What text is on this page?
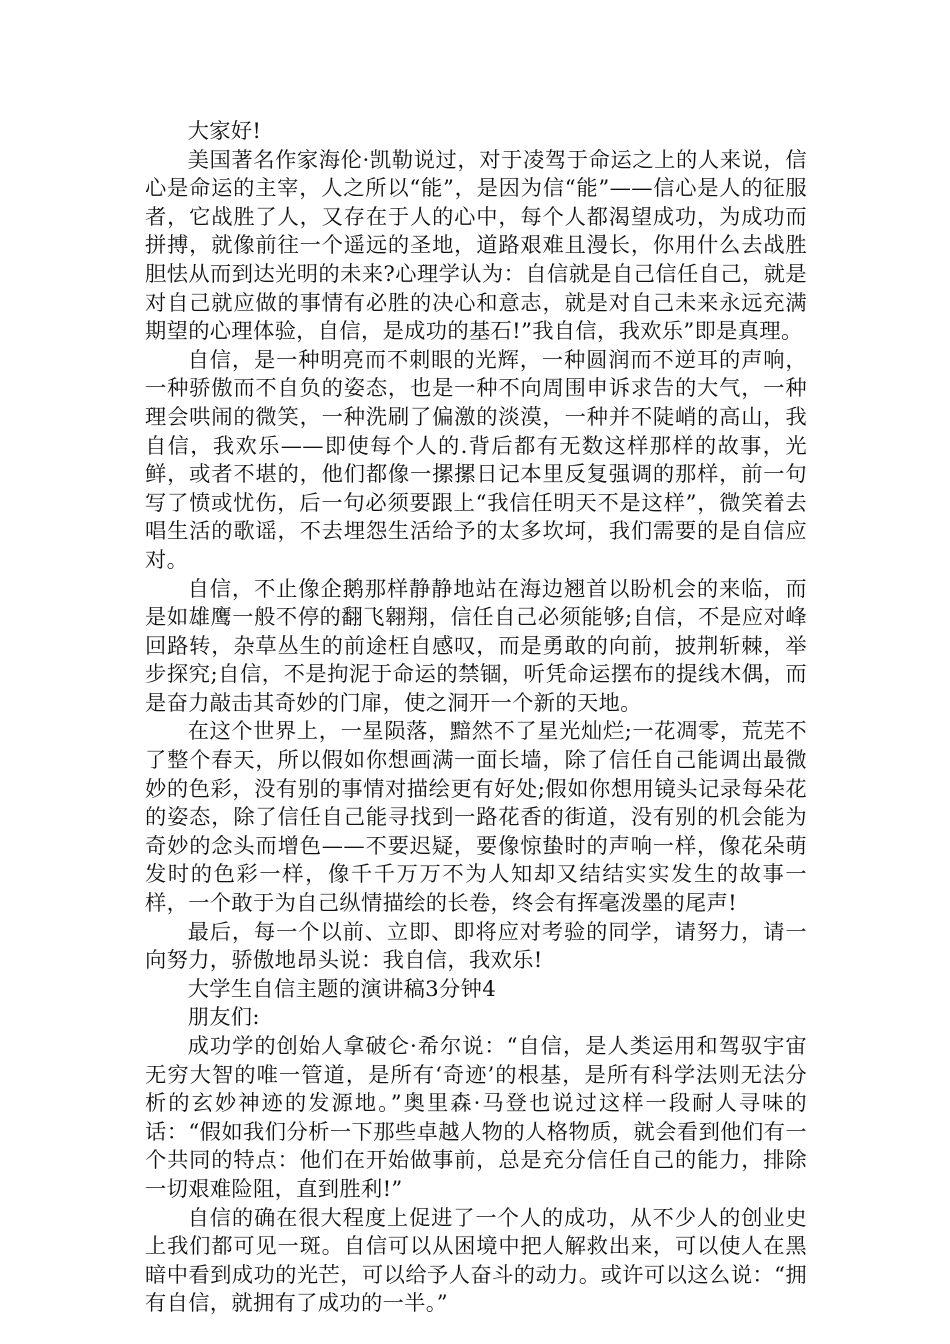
大家好!

美国著名作家海伦·凯勒说过，对于凌驾于命运之上的人来说，信心是命运的主宰，人之所以“能”，是因为信“能”——信心是人的征服者，它战胜了人，又存在于人的心中，每个人都渴望成功，为成功而拼搏，就像前往一个遥远的圣地，道路艰难且漫长，你用什么去战胜胆怯从而到达光明的未来?心理学认为：自信就是自己信任自己，就是对自己就应做的事情有必胜的决心和意志，就是对自己未来永远充满期望的心理体验，自信，是成功的基石!”我自信，我欢乐”即是真理。

自信，是一种明亮而不刺眼的光辉，一种圆润而不逆耳的声响，一种骄傲而不自负的姿态，也是一种不向周围申诉求告的大气，一种理会哄闹的微笑，一种洗刷了偏激的淡漠，一种并不陡峭的高山，我自信，我欢乐——即使每个人的.背后都有无数这样那样的故事，光鲜，或者不堪的，他们都像一摞摞日记本里反复强调的那样，前一句写了愤或忧伤，后一句必须要跟上“我信任明天不是这样”，微笑着去唱生活的歌谣，不去埋怨生活给予的太多坎坷，我们需要的是自信应对。

自信，不止像企鹅那样静静地站在海边翘首以盼机会的来临，而是如雄鹰一般不停的翻飞翱翔，信任自己必须能够;自信，不是应对峰回路转，杂草丛生的前途枉自感叹，而是勇敢的向前，披荆斩棘，举步探究;自信，不是拘泥于命运的禁锢，听凭命运摆布的提线木偶，而是奋力敲击其奇妙的门扉，使之洞开一个新的天地。

在这个世界上，一星陨落，黯然不了星光灿烂;一花凋零，荒芜不了整个春天，所以假如你想画满一面长墙，除了信任自己能调出最微妙的色彩，没有别的事情对描绘更有好处;假如你想用镜头记录每朵花的姿态，除了信任自己能寻找到一路花香的街道，没有别的机会能为奇妙的念头而增色——不要迟疑，要像惊蛰时的声响一样，像花朵萌发时的色彩一样，像千千万万不为人知却又结结实实发生的故事一样，一个敢于为自己纵情描绘的长卷，终会有挥毫泼墨的尾声!

最后，每一个以前、立即、即将应对考验的同学，请努力，请一向努力，骄傲地昂头说：我自信，我欢乐!

大学生自信主题的演讲稿3分钟4

朋友们:

成功学的创始人拿破仑·希尔说：“自信，是人类运用和驾驭宇宙无穷大智的唯一管道，是所有‘奇迹’的根基，是所有科学法则无法分析的玄妙神迹的发源地。”奥里森·马登也说过这样一段耐人寻味的话：“假如我们分析一下那些卓越人物的人格物质，就会看到他们有一个共同的特点：他们在开始做事前，总是充分信任自己的能力，排除一切艰难险阻，直到胜利!”

自信的确在很大程度上促进了一个人的成功，从不少人的创业史上我们都可见一斑。自信可以从困境中把人解救出来，可以使人在黑暗中看到成功的光芒，可以给予人奋斗的动力。或许可以这么说：“拥有自信，就拥有了成功的一半。”
